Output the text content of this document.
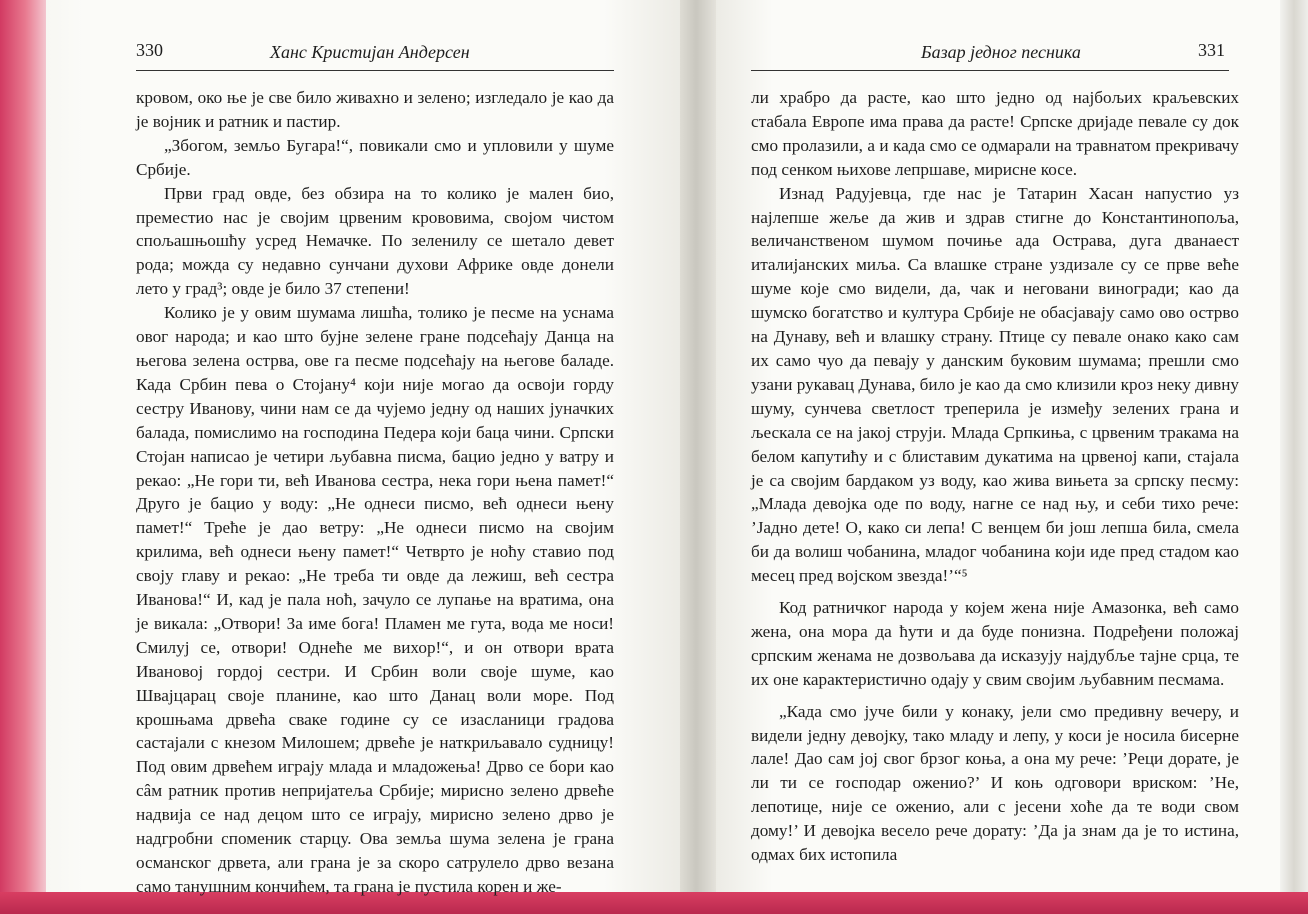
330	Ханс Кристијан Андерсен

кровом, око ње је све било живахно и зелено; изгледало је као да је војник и ратник и пастир.

„Збогом, земљо Бугара!“, повикали смо и упловили у шуме Србије.

Први град овде, без обзира на то колико је мален био, преместио нас је својим црвеним крововима, својом чистом спољашњошћу усред Немачке. По зеленилу се шетало девет рода; можда су недавно сунчани духови Африке овде донели лето у град³; овде је било 37 степени!

Колико је у овим шумама лишћа, толико је песме на уснама овог народа; и као што бујне зелене гране подсећају Данца на његова зелена острва, ове га песме подсећају на његове баладе. Када Србин пева о Стојану⁴ који није могао да освоји горду сестру Ивановy, чини нам се да чујемо једну од наших јуначких балада, помислимо на господина Педера који баца чини. Српски Стојан написао је четири љубавна писма, бацио једно у ватру и рекао: „Не гори ти, већ Иванова сестра, нека гори њена памет!“ Друго је бацио у воду: „Не однеси писмо, већ однеси њену памет!“ Треће је дао ветру: „Не однеси писмо на својим крилима, већ однеси њену памет!“ Четврто је ноћу ставио под своју главу и рекао: „Не треба ти овде да лежиш, већ сестра Иванова!“ И, кад је пала ноћ, зачуло се лупање на вратима, она је викала: „Отвори! За име бога! Пламен ме гута, вода ме носи! Смилуј се, отвори! Однеће ме вихор!“, и он отвори врата Ивановој гордој сестри. И Србин воли своје шуме, као Швајцарац своје планине, као што Данац воли море. Под крошњама дрвећа сваке године су се изасланици градова састајали с кнезом Милошем; дрвеће је наткриљавало судницу! Под овим дрвећем играју млада и младожења! Дрво се бори као сâм ратник против непријатеља Србије; мирисно зелено дрвеће надвија се над децом што се играју, мирисно зелено дрво је надгробни споменик старцу. Ова земља шума зелена је грана османског дрвета, али грана је за скоро сатрулело дрво везана само танушним кончићем, та грана је пустила корен и же-

Базар једног песника	331

ли храбро да расте, као што једно од најбољих краљевских стабала Европе има права да расте! Српске дријаде певале су док смо пролазили, а и када смо се одмарали на травнатом прекривачу под сенком њихове лепршаве, мирисне косе.

Изнад Радујевца, где нас је Татарин Хасан напустио уз најлепше жеље да жив и здрав стигне до Константинопоља, величанственом шумом почиње ада Острава, дуга дванаест италијанских миља. Са влашке стране уздизале су се прве веће шуме које смо видели, да, чак и неговани виногради; као да шумско богатство и култура Србије не обасјавају само ово острво на Дунаву, већ и влашку страну. Птице су певале онако како сам их само чуо да певају у данским буковим шумама; прешли смо узани рукавац Дунава, било је као да смо клизили кроз неку дивну шуму, сунчева светлост треперила је између зелених грана и љескала се на јакој струји. Млада Српкиња, с црвеним тракама на белом капутићу и с блиставим дукатима на црвеној капи, стајала је са својим бардаком уз воду, као жива вињета за српску песму: „Млада девојка оде по воду, нагне се над њу, и себи тихо рече: ’Јадно дете! О, како си лепа! С венцем би још лепша била, смела би да волиш чобанина, младог чобанина који иде пред стадом као месец пред војском звезда!’“⁵

Код ратничког народа у којем жена није Амазонка, већ само жена, она мора да ћути и да буде понизна. Подређени положај српским женама не дозвољава да исказују најдубље тајне срца, те их оне карактеристично одају у свим својим љубавним песмама.

„Када смо јуче били у конаку, јели смо предивну вечеру, и видели једну девојку, тако младу и лепу, у коси је носила бисерне лале! Дао сам јој свог брзог коња, а она му рече: ’Реци дорате, је ли ти се господар оженио?’ И коњ одговори вриском: ’Не, лепотице, није се оженио, али с јесени хоће да те води свом дому!’ И девојка весело рече дорату: ’Да ја знам да је то истина, одмах бих истопила
